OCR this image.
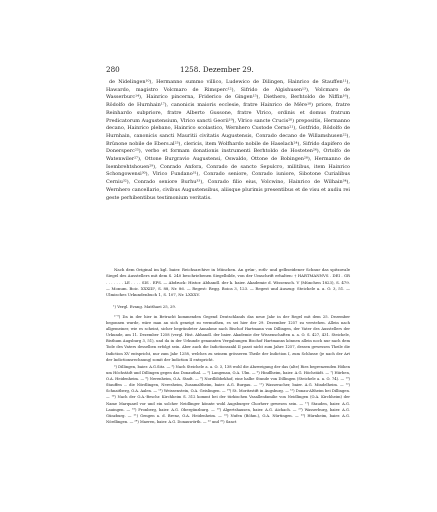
280	1258. Dezember 29.

de Nidelingen¹⁰), Hermanno summo villico, Ludewico de Dilingen, Hainrico de Stauffen¹¹), Hawardo, magistro Volcmaro de Rimsperc¹²), Sifrido de Algishusen¹³), Volcmaro de Wasserburc¹⁴), Hainrico pincerna, Friderico de Gingen¹⁵), Diethero, Berhtoldo de Niffin¹⁶), Rŏdolfo de Hurnhain¹⁷), canonicis maioris ecclesie, fratre Hainrico de Mêre¹⁸) priore, fratre Reinhardo subpriore, fratre Alberto Gussone, fratre Vlrico, ordinis et domus fratrum Predicatorum Augustensium, Vlrico sancti Georii¹⁹), Vlrico sancte Crucis²⁰) prepositis, Hermanno decano, Hainrico plebano, Hainrico scolastico, Wernhero Custode Cerno²¹), Gotfrido, Rŏdolfo de Hurnhain, canonicis sancti Mauritii civitatis Augustensis, Conrado decano de Willamshusen²²), Brŭnone nobile de Ebers.al²³), clericis, item Wolfhardo nobile de Haselach²⁴), Sifrido dapifero de Donersperc²⁵), verbo et formam donationis instrumenti Berhtoldo de Hosteten²⁶), Ortolfo de Watenwiler²⁷), Ottone Burgravio Augustensi, Oswaldo, Ottone de Bobingen²⁸), Hermanno de Isembrehtshouen²⁹), Conrado Anfora, Conrado de sancto Sepulcro, militibus, item Hainrico Schongowensi³⁰), Vlrico Fundano³¹), Conrado seniore, Conrado iuniore, Sibotone Curialibus Cerniu³²), Conrado seniore Burhu³³), Conrado filio eius, Volcwino, Hainrico de Wilhain³⁴), Wernhero cancellario, civibus Augustensibus, aliisque plurimis presentibus et de visu et audiu rei geste perhibentibus testimonium veritatis.

Nach dem Original im kgl. baier. Reichsarchive in München. An grün-, roth- und gelbseidener Schnur das spitzovale Siegel des Ausstellers mit dem S. 240 beschriebenen Siegelbilde, von der Umschrift erhalten: † HARTMANNVS . DEI . GR . . . . . . . LE . . . . SIS . EPS. — Abdruck: Histor. Abhandl. der k. baier. Akademie d. Wissensch. V (München 1823), S. 479. — Monum. Boic. XXXIIIᵃ, S. 88, Nr. 86. — Regest: Regg. Boica 3, 123. — Regest und Auszug: Steichele a. a. O. 3, 51. — Ulmisches Urkundenbuch 1, S. 107, Nr. LXXXV.

¹) Vergl. Evang. Matthaei 25, 29.

²⁻⁹) Da in der hier in Betracht kommenden Gegend Deutschlands das neue Jahr in der Regel mit dem 25. Dezember begonnen wurde, wäre man an sich geneigt zu vermuthen, es sei hier der 29. Dezember 1257 zu verstehen. Allein nach allgemeiner, wie es scheint, sicher begründeter Annahme nach Bischof Hartmann von Dillingen, der Vater des Ausstellers der Urkunde, am 11. Dezember 1258 (vergl. Hist. Abhandl. der baier. Akademie der Wissenschaften a. a. O. S. 427, 431. Steichele, Bisthum Augsburg 3, 51), und da in der Urkunde genannten Vergabungen Bischof Hartmanns können allein noch nur nach dem Tode des Vaters desselben erfolgt sein. Aber auch die Indictionszahl II passt nicht zum Jahre 1257, dessen gewessen Theile die Indiction XV entspricht, nur zum Jahr 1258, welches zu seinem grösseren Theile der Indiction I, zum Schlusse (je nach der Art der Indictionsrechnung) somit der Indiction II entspricht.

²) Dillingen, baier. A.G.Sitz. — ³) Nach Steichele a. a. O. 3, 138 wohl die Abzweigung der das (alte) Ries begrenzenden Höhen um Höchstädt und Dillingen gegen das Donauthal. — ⁵) Langenau, O.A. Ulm. — ⁶) Hindlheim, baier. A.G. Höchstädt. — ⁷) Hürben, O.A. Heidenheim. — ⁸) Nerenheim, O.A. Stadt. — ⁹) Nordlöbbekhof, eine halbe Stunde von Dillingen (Steichele a. a. O. 74). — ¹⁰) Stauffen ... die Nördlingen, Neresheim, Zusamaltheim, baier. A.G. Burgau. — ¹¹) Wasseracher, baier. A.G. Mindelheim. — ¹²) Schnaitberg, O.A. Aalen. — ¹³) Weissenstein, O.A. Geislingen. — ¹⁴) St. Moritzstift in Augsburg. — ¹⁵) Donau-Altheim bei Dillingen. — ¹⁶) Nach der O.A.-Beschr. Kirchheim S. 312 kommt bei der türkischen Vasallenfamilie von Neidlingen (O.A. Kirchheim) der Name Marquard vor und ein solcher Neidlinger könnte wohl Augsburger Chorherr gewesen sein. — ¹⁷) Stauden, baier. A.G. Lauingen. — ¹⁸) Fronberg, baier. A.G. Obergünzburg. — ¹⁹) Algertshausen, baier. A.G. Aichach. — ²⁰) Wasserburg, baier. A.G. Günzburg. — ²¹) Gengen a. d. Brenz, O.A. Heidenheim. — ²²) Nufen (Böhm.), O.A. Nürtingen. — ²³) Hürnheim, baier. A.G. Nördlingen. — ²⁴) Maeren, baier. A.G. Donauwörth. — ²⁵ und ²⁶) Sanct
